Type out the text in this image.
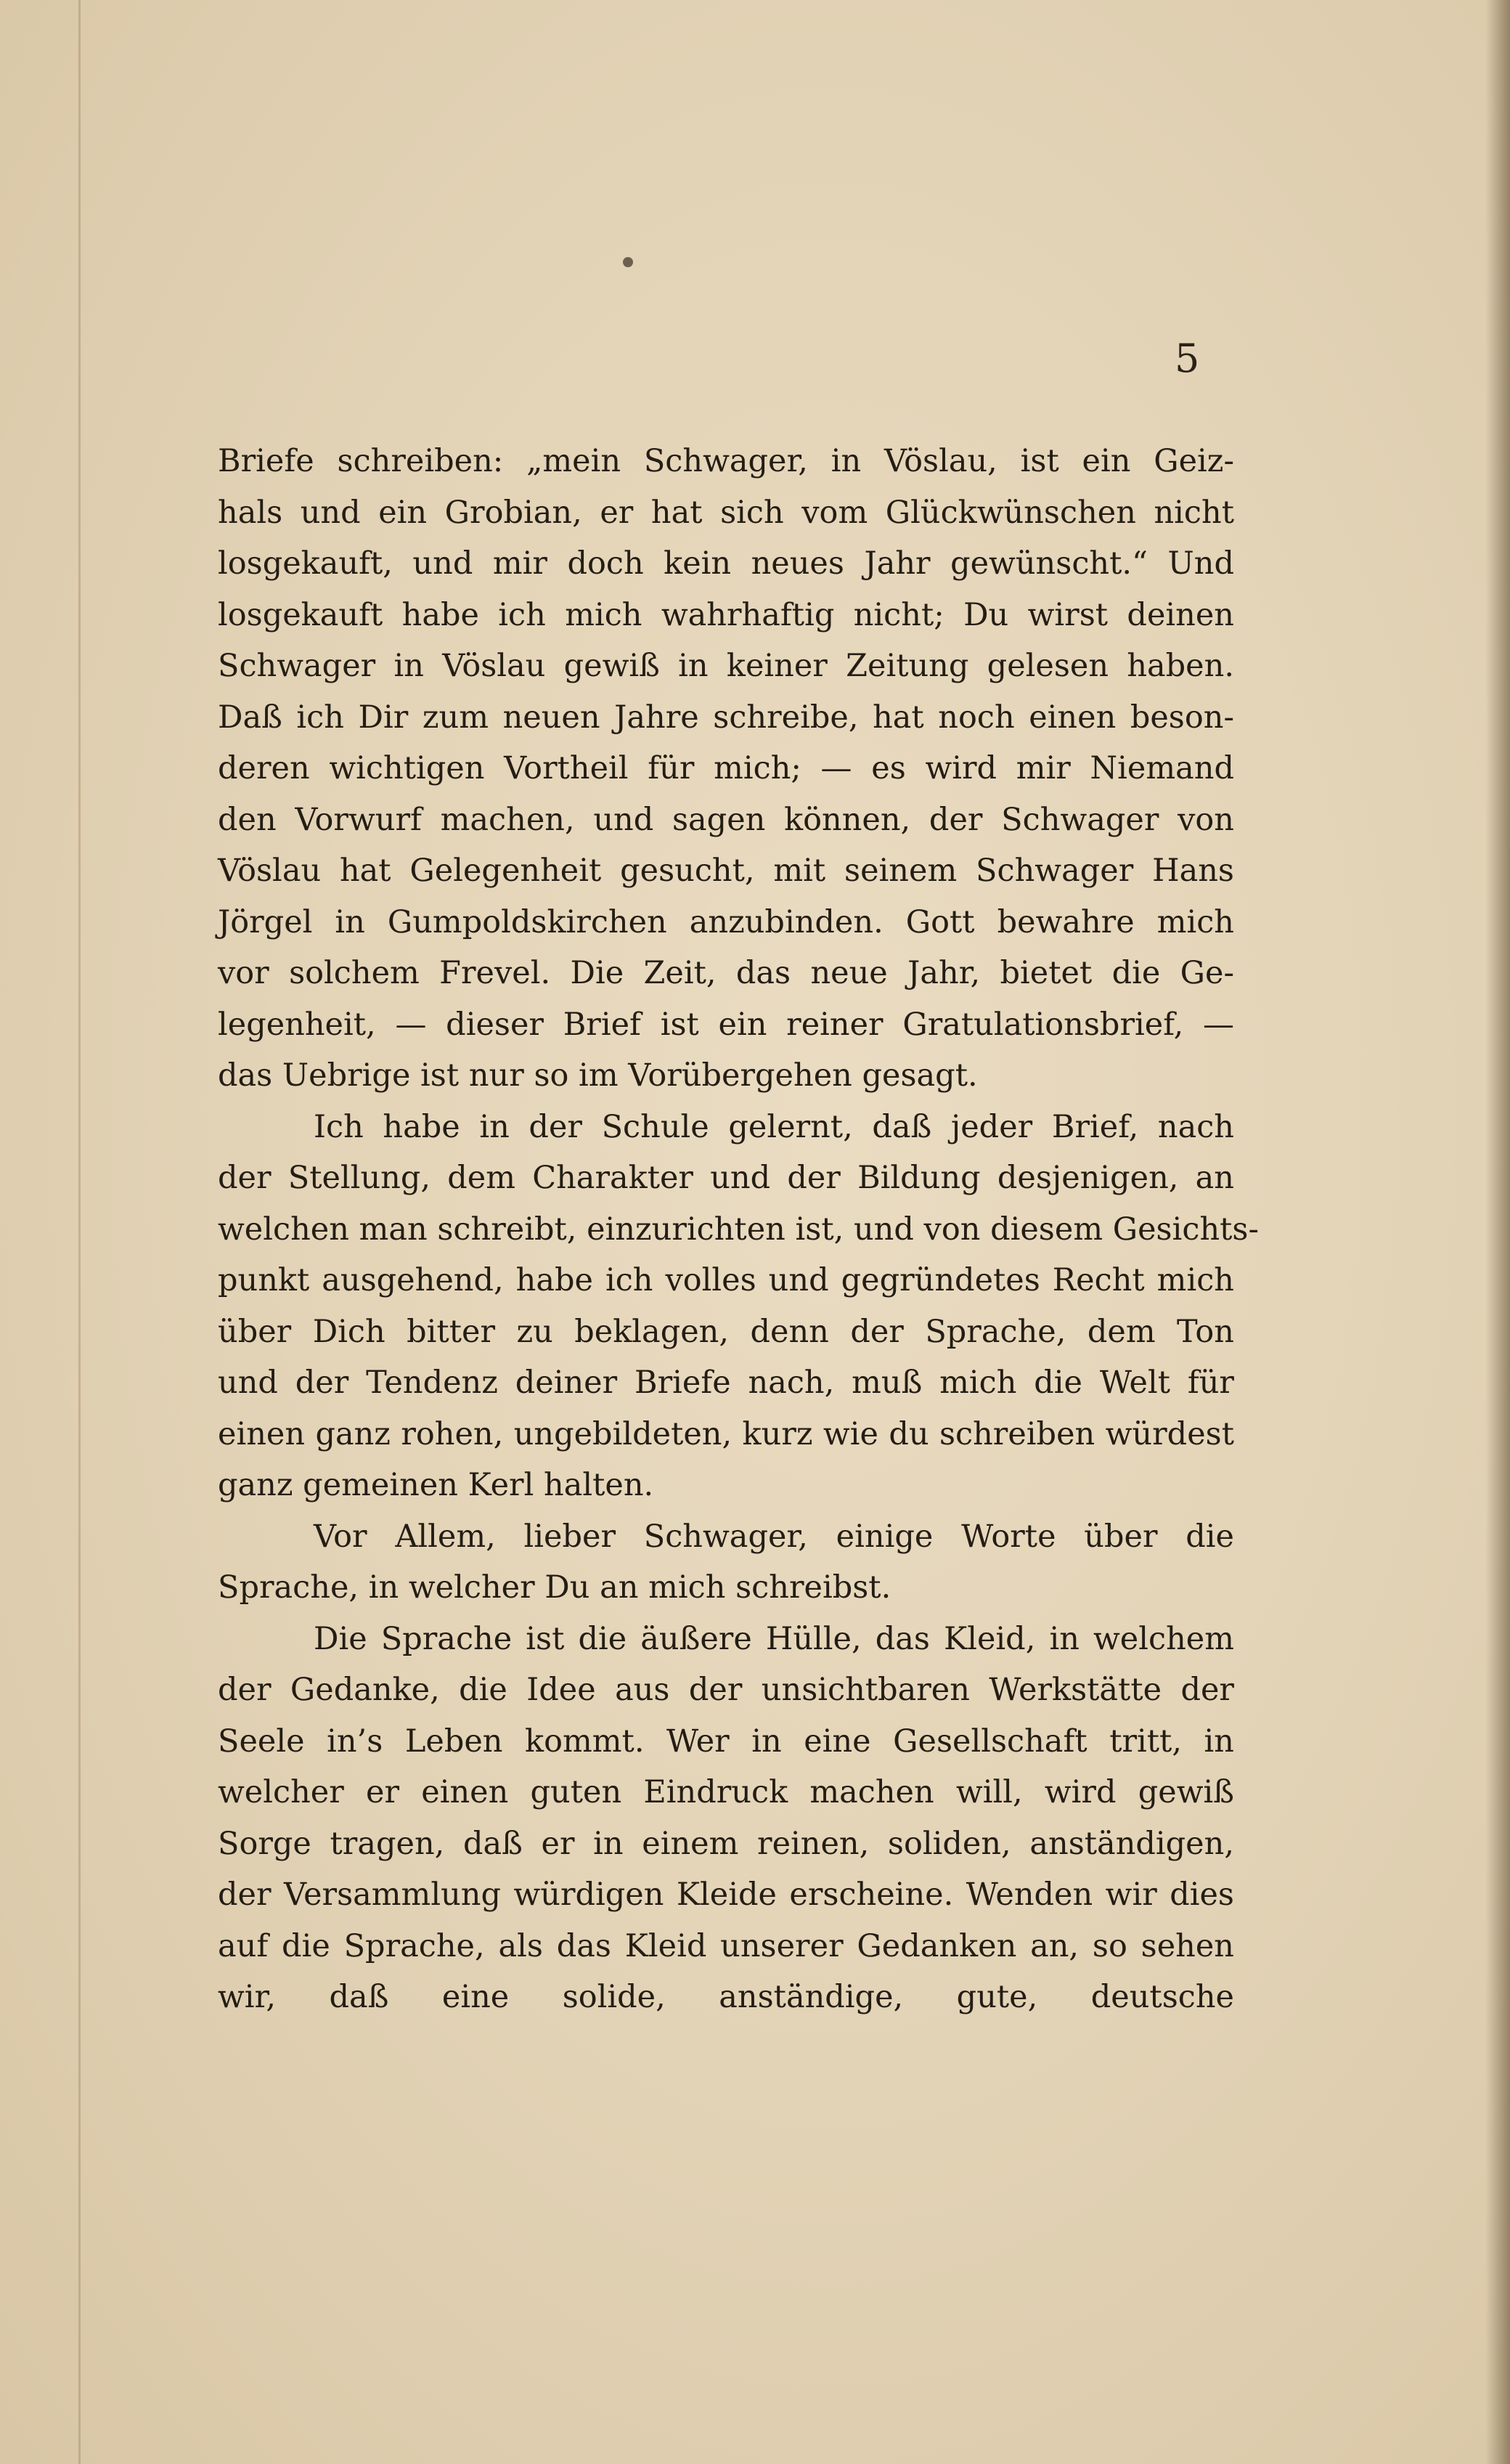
5
Briefe schreiben: „mein Schwager, in Vöslau, ist ein Geiz-
hals und ein Grobian, er hat sich vom Glückwünschen nicht
losgekauft, und mir doch kein neues Jahr gewünscht.“ Und
losgekauft habe ich mich wahrhaftig nicht; Du wirst deinen
Schwager in Vöslau gewiß in keiner Zeitung gelesen haben.
Daß ich Dir zum neuen Jahre schreibe, hat noch einen beson-
deren wichtigen Vortheil für mich; — es wird mir Niemand
den Vorwurf machen, und sagen können, der Schwager von
Vöslau hat Gelegenheit gesucht, mit seinem Schwager Hans
Jörgel in Gumpoldskirchen anzubinden. Gott bewahre mich
vor solchem Frevel. Die Zeit, das neue Jahr, bietet die Ge-
legenheit, — dieser Brief ist ein reiner Gratulationsbrief, —
das Uebrige ist nur so im Vorübergehen gesagt.
Ich habe in der Schule gelernt, daß jeder Brief, nach
der Stellung, dem Charakter und der Bildung desjenigen, an
welchen man schreibt, einzurichten ist, und von diesem Gesichts-
punkt ausgehend, habe ich volles und gegründetes Recht mich
über Dich bitter zu beklagen, denn der Sprache, dem Ton
und der Tendenz deiner Briefe nach, muß mich die Welt für
einen ganz rohen, ungebildeten, kurz wie du schreiben würdest
ganz gemeinen Kerl halten.
Vor Allem, lieber Schwager, einige Worte über die
Sprache, in welcher Du an mich schreibst.
Die Sprache ist die äußere Hülle, das Kleid, in welchem
der Gedanke, die Idee aus der unsichtbaren Werkstätte der
Seele in’s Leben kommt. Wer in eine Gesellschaft tritt, in
welcher er einen guten Eindruck machen will, wird gewiß
Sorge tragen, daß er in einem reinen, soliden, anständigen,
der Versammlung würdigen Kleide erscheine. Wenden wir dies
auf die Sprache, als das Kleid unserer Gedanken an, so sehen
wir, daß eine solide, anständige, gute, deutsche
